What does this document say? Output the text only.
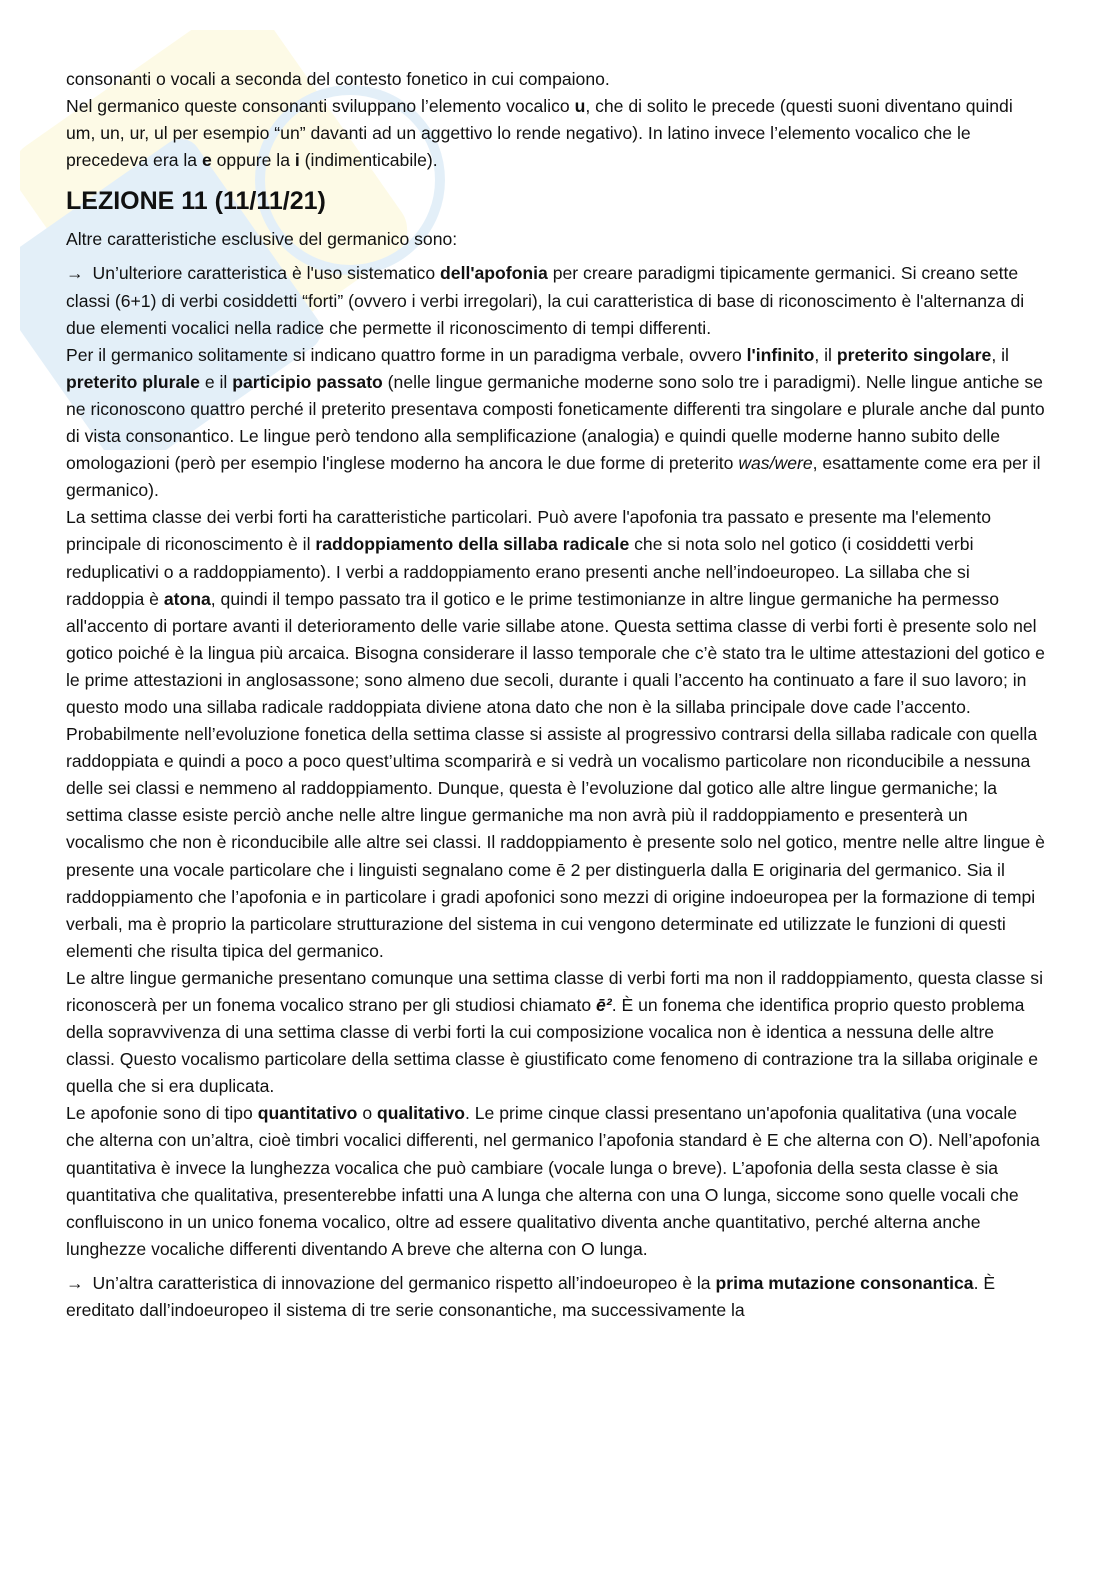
consonanti o vocali a seconda del contesto fonetico in cui compaiono.

Nel germanico queste consonanti sviluppano l’elemento vocalico u, che di solito le precede (questi suoni diventano quindi um, un, ur, ul per esempio “un” davanti ad un aggettivo lo rende negativo). In latino invece l’elemento vocalico che le precedeva era la e oppure la i (indimenticabile).

LEZIONE 11 (11/11/21)

Altre caratteristiche esclusive del germanico sono:

→ Un’ulteriore caratteristica è l'uso sistematico dell'apofonia per creare paradigmi tipicamente germanici. Si creano sette classi (6+1) di verbi cosiddetti “forti” (ovvero i verbi irregolari), la cui caratteristica di base di riconoscimento è l'alternanza di due elementi vocalici nella radice che permette il riconoscimento di tempi differenti.

Per il germanico solitamente si indicano quattro forme in un paradigma verbale, ovvero l'infinito, il preterito singolare, il preterito plurale e il participio passato (nelle lingue germaniche moderne sono solo tre i paradigmi). Nelle lingue antiche se ne riconoscono quattro perché il preterito presentava composti foneticamente differenti tra singolare e plurale anche dal punto di vista consonantico. Le lingue però tendono alla semplificazione (analogia) e quindi quelle moderne hanno subito delle omologazioni (però per esempio l'inglese moderno ha ancora le due forme di preterito was/were, esattamente come era per il germanico).

La settima classe dei verbi forti ha caratteristiche particolari. Può avere l'apofonia tra passato e presente ma l'elemento principale di riconoscimento è il raddoppiamento della sillaba radicale che si nota solo nel gotico (i cosiddetti verbi reduplicativi o a raddoppiamento). I verbi a raddoppiamento erano presenti anche nell’indoeuropeo. La sillaba che si raddoppia è atona, quindi il tempo passato tra il gotico e le prime testimonianze in altre lingue germaniche ha permesso all'accento di portare avanti il deterioramento delle varie sillabe atone. Questa settima classe di verbi forti è presente solo nel gotico poiché è la lingua più arcaica. Bisogna considerare il lasso temporale che c’è stato tra le ultime attestazioni del gotico e le prime attestazioni in anglosassone; sono almeno due secoli, durante i quali l’accento ha continuato a fare il suo lavoro; in questo modo una sillaba radicale raddoppiata diviene atona dato che non è la sillaba principale dove cade l’accento. Probabilmente nell’evoluzione fonetica della settima classe si assiste al progressivo contrarsi della sillaba radicale con quella raddoppiata e quindi a poco a poco quest’ultima scomparirà e si vedrà un vocalismo particolare non riconducibile a nessuna delle sei classi e nemmeno al raddoppiamento. Dunque, questa è l’evoluzione dal gotico alle altre lingue germaniche; la settima classe esiste perciò anche nelle altre lingue germaniche ma non avrà più il raddoppiamento e presenterà un vocalismo che non è riconducibile alle altre sei classi. Il raddoppiamento è presente solo nel gotico, mentre nelle altre lingue è presente una vocale particolare che i linguisti segnalano come ē 2 per distinguerla dalla E originaria del germanico. Sia il raddoppiamento che l’apofonia e in particolare i gradi apofonici sono mezzi di origine indoeuropea per la formazione di tempi verbali, ma è proprio la particolare strutturazione del sistema in cui vengono determinate ed utilizzate le funzioni di questi elementi che risulta tipica del germanico.

Le altre lingue germaniche presentano comunque una settima classe di verbi forti ma non il raddoppiamento, questa classe si riconoscerà per un fonema vocalico strano per gli studiosi chiamato ē². È un fonema che identifica proprio questo problema della sopravvivenza di una settima classe di verbi forti la cui composizione vocalica non è identica a nessuna delle altre classi. Questo vocalismo particolare della settima classe è giustificato come fenomeno di contrazione tra la sillaba originale e quella che si era duplicata.

Le apofonie sono di tipo quantitativo o qualitativo. Le prime cinque classi presentano un'apofonia qualitativa (una vocale che alterna con un’altra, cioè timbri vocalici differenti, nel germanico l’apofonia standard è E che alterna con O). Nell’apofonia quantitativa è invece la lunghezza vocalica che può cambiare (vocale lunga o breve). L’apofonia della sesta classe è sia quantitativa che qualitativa, presenterebbe infatti una A lunga che alterna con una O lunga, siccome sono quelle vocali che confluiscono in un unico fonema vocalico, oltre ad essere qualitativo diventa anche quantitativo, perché alterna anche lunghezze vocaliche differenti diventando A breve che alterna con O lunga.

→ Un’altra caratteristica di innovazione del germanico rispetto all’indoeuropeo è la prima mutazione consonantica. È ereditato dall’indoeuropeo il sistema di tre serie consonantiche, ma successivamente la
